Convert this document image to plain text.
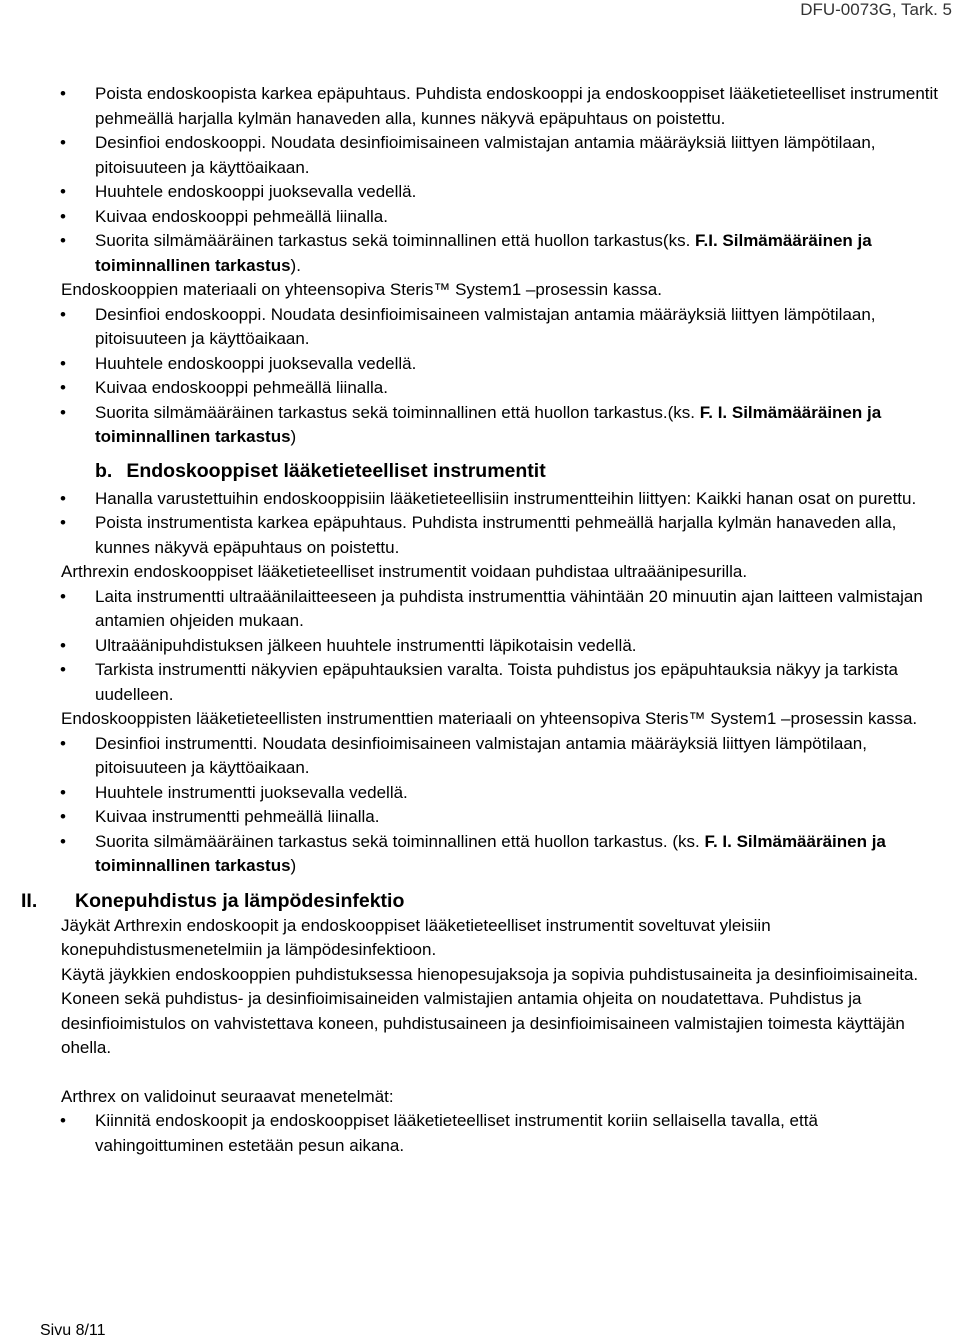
DFU-0073G, Tark. 5

• Poista endoskoopista karkea epäpuhtaus. Puhdista endoskooppi ja endoskooppiset lääketieteelliset instrumentit pehmeällä harjalla kylmän hanaveden alla, kunnes näkyvä epäpuhtaus on poistettu.

• Desinfioi endoskooppi. Noudata desinfioimisaineen valmistajan antamia määräyksiä liittyen lämpötilaan, pitoisuuteen ja käyttöaikaan.

• Huuhtele endoskooppi juoksevalla vedellä.

• Kuivaa endoskooppi pehmeällä liinalla.

• Suorita silmämääräinen tarkastus sekä toiminnallinen että huollon tarkastus(ks. F.I. Silmämääräinen ja toiminnallinen tarkastus).

Endoskooppien materiaali on yhteensopiva Steris™ System1 –prosessin kassa.

• Desinfioi endoskooppi. Noudata desinfioimisaineen valmistajan antamia määräyksiä liittyen lämpötilaan, pitoisuuteen ja käyttöaikaan.

• Huuhtele endoskooppi juoksevalla vedellä.

• Kuivaa endoskooppi pehmeällä liinalla.

• Suorita silmämääräinen tarkastus sekä toiminnallinen että huollon tarkastus.(ks. F. I. Silmämääräinen ja toiminnallinen tarkastus)

b. Endoskooppiset lääketieteelliset instrumentit

• Hanalla varustettuihin endoskooppisiin lääketieteellisiin instrumentteihin liittyen: Kaikki hanan osat on purettu.

• Poista instrumentista karkea epäpuhtaus. Puhdista instrumentti pehmeällä harjalla kylmän hanaveden alla, kunnes näkyvä epäpuhtaus on poistettu.

Arthrexin endoskooppiset lääketieteelliset instrumentit voidaan puhdistaa ultraäänipesurilla.

• Laita instrumentti ultraäänilaitteeseen ja puhdista instrumenttia vähintään 20 minuutin ajan laitteen valmistajan antamien ohjeiden mukaan.

• Ultraäänipuhdistuksen jälkeen huuhtele instrumentti läpikotaisin vedellä.

• Tarkista instrumentti näkyvien epäpuhtauksien varalta. Toista puhdistus jos epäpuhtauksia näkyy ja tarkista uudelleen.

Endoskooppisten lääketieteellisten instrumenttien materiaali on yhteensopiva Steris™ System1 –prosessin kassa.

• Desinfioi instrumentti. Noudata desinfioimisaineen valmistajan antamia määräyksiä liittyen lämpötilaan, pitoisuuteen ja käyttöaikaan.

• Huuhtele instrumentti juoksevalla vedellä.

• Kuivaa instrumentti pehmeällä liinalla.

• Suorita silmämääräinen tarkastus sekä toiminnallinen että huollon tarkastus. (ks. F. I. Silmämääräinen ja toiminnallinen tarkastus)

II. Konepuhdistus ja lämpödesinfektio

Jäykät Arthrexin endoskoopit ja endoskooppiset lääketieteelliset instrumentit soveltuvat yleisiin konepuhdistusmenetelmiin ja lämpödesinfektioon.

Käytä jäykkien endoskooppien puhdistuksessa hienopesujaksoja ja sopivia puhdistusaineita ja desinfioimisaineita.

Koneen sekä puhdistus- ja desinfioimisaineiden valmistajien antamia ohjeita on noudatettava. Puhdistus ja desinfioimistulos on vahvistettava koneen, puhdistusaineen ja desinfioimisaineen valmistajien toimesta käyttäjän ohella.

Arthrex on validoinut seuraavat menetelmät:

• Kiinnitä endoskoopit ja endoskooppiset lääketieteelliset instrumentit koriin sellaisella tavalla, että vahingoittuminen estetään pesun aikana.

Sivu 8/11
